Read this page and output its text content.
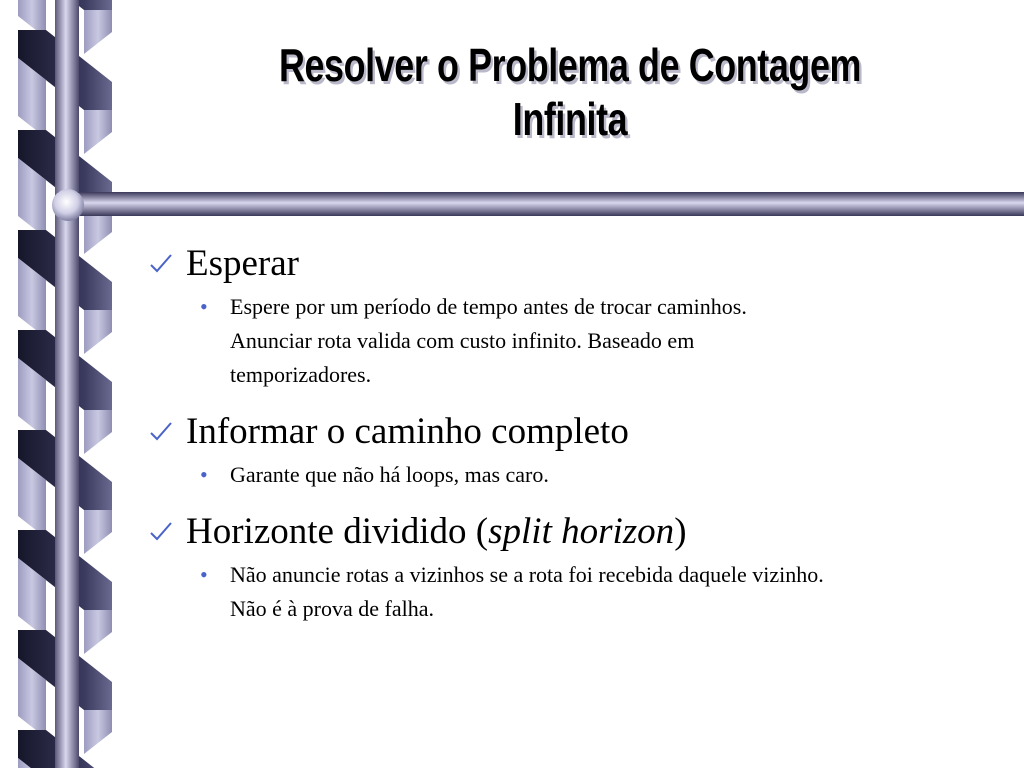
Resolver o Problema de Contagem
Infinita
Esperar
• Espere por um período de tempo antes de trocar caminhos.
Anunciar rota valida com custo infinito. Baseado em
temporizadores.
Informar o caminho completo
• Garante que não há loops, mas caro.
Horizonte dividido (split horizon)
• Não anuncie rotas a vizinhos se a rota foi recebida daquele vizinho.
Não é à prova de falha.
